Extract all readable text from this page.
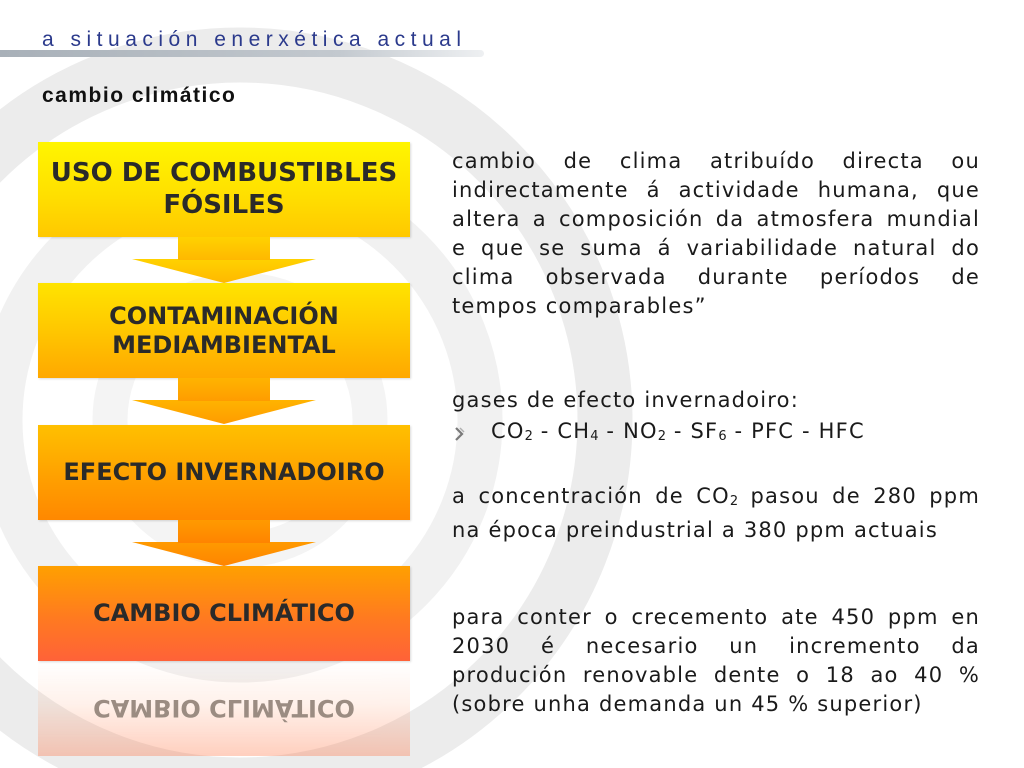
a situación enerxética actual
cambio climático
USO DE COMBUSTIBLES
FÓSILES
CONTAMINACIÓN
MEDIAMBIENTAL
EFECTO INVERNADOIRO
CAMBIO CLIMÁTICO
CAMBIO CLIMÁTICO
cambio de clima atribuído directa ou indirectamente á actividade humana, que altera a composición da atmosfera mundial e que se suma á variabilidade natural do clima observada durante períodos de tempos comparables”
gases de efecto invernadoiro:
CO2 - CH4 - NO2 - SF6 - PFC - HFC
a concentración de CO2 pasou de 280 ppm na época preindustrial a 380 ppm actuais
para conter o crecemento ate 450 ppm en 2030 é necesario un incremento da produción renovable dente o 18 ao 40 % (sobre unha demanda un 45 % superior)
